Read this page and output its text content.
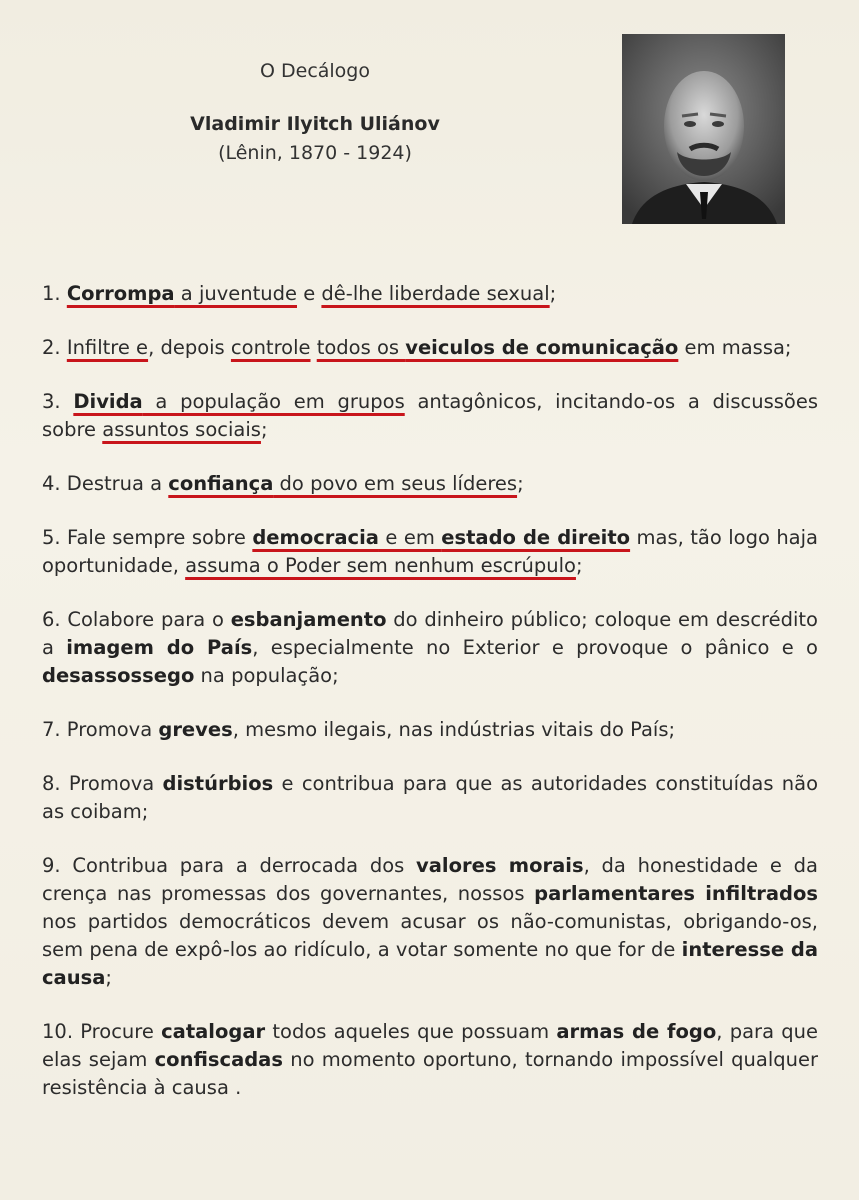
O Decálogo
Vladimir Ilyitch Uliánov
(Lênin, 1870 - 1924)

1. Corrompa a juventude e dê-lhe liberdade sexual;

2. Infiltre e, depois controle todos os veiculos de comunicação em massa;

3. Divida a população em grupos antagônicos, incitando-os a discussões sobre assuntos sociais;

4. Destrua a confiança do povo em seus líderes;

5. Fale sempre sobre democracia e em estado de direito mas, tão logo haja oportunidade, assuma o Poder sem nenhum escrúpulo;

6. Colabore para o esbanjamento do dinheiro público; coloque em descrédito a imagem do País, especialmente no Exterior e provoque o pânico e o desassossego na população;

7. Promova greves, mesmo ilegais, nas indústrias vitais do País;

8. Promova distúrbios e contribua para que as autoridades constituídas não as coibam;

9. Contribua para a derrocada dos valores morais, da honestidade e da crença nas promessas dos governantes, nossos parlamentares infiltrados nos partidos democráticos devem acusar os não-comunistas, obrigando-os, sem pena de expô-los ao ridículo, a votar somente no que for de interesse da causa;

10. Procure catalogar todos aqueles que possuam armas de fogo, para que elas sejam confiscadas no momento oportuno, tornando impossível qualquer resistência à causa .
